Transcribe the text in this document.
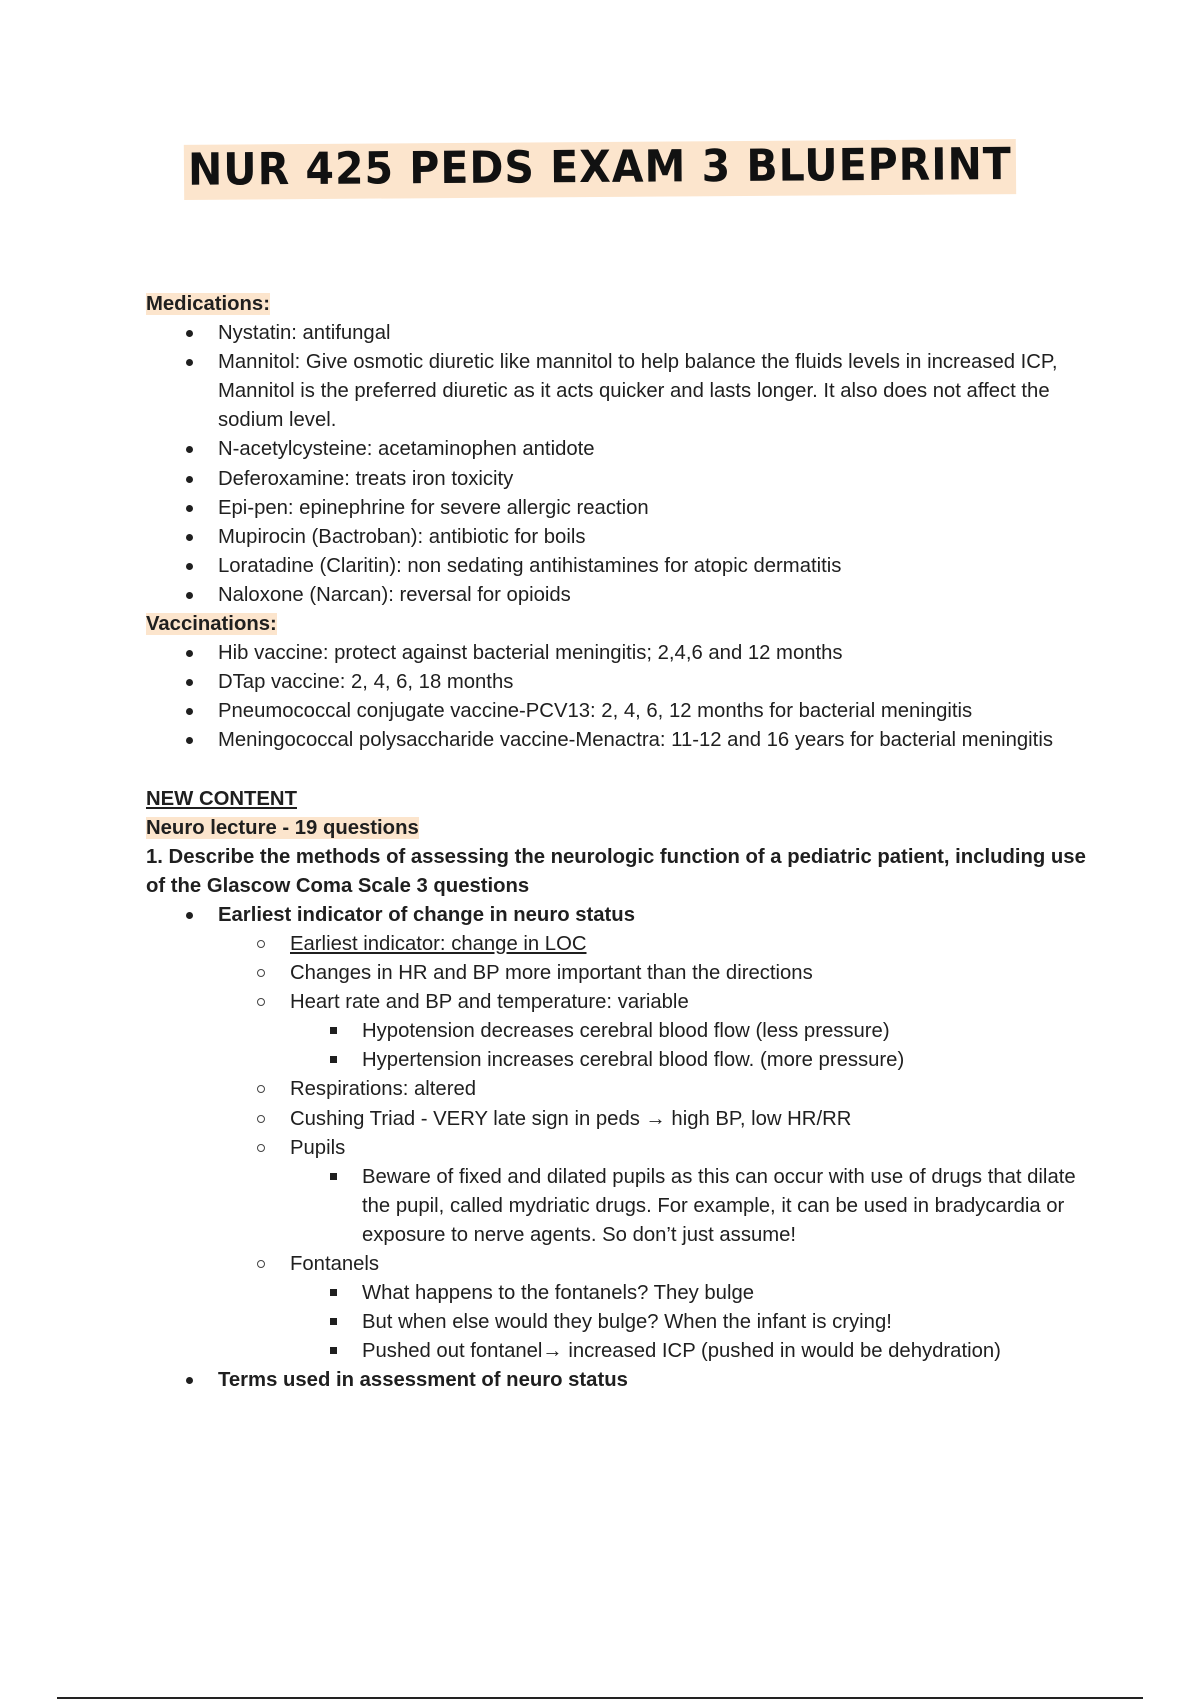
NUR 425 PEDS EXAM 3 BLUEPRINT
Medications:
Nystatin: antifungal
Mannitol: Give osmotic diuretic like mannitol to help balance the fluids levels in increased ICP, Mannitol is the preferred diuretic as it acts quicker and lasts longer. It also does not affect the sodium level.
N-acetylcysteine: acetaminophen antidote
Deferoxamine: treats iron toxicity
Epi-pen: epinephrine for severe allergic reaction
Mupirocin (Bactroban): antibiotic for boils
Loratadine (Claritin): non sedating antihistamines for atopic dermatitis
Naloxone (Narcan): reversal for opioids
Vaccinations:
Hib vaccine: protect against bacterial meningitis; 2,4,6 and 12 months
DTap vaccine: 2, 4, 6, 18 months
Pneumococcal conjugate vaccine-PCV13: 2, 4, 6, 12 months for bacterial meningitis
Meningococcal polysaccharide vaccine-Menactra: 11-12 and 16 years for bacterial meningitis
NEW CONTENT
Neuro lecture - 19 questions
1. Describe the methods of assessing the neurologic function of a pediatric patient, including use of the Glascow Coma Scale 3 questions
Earliest indicator of change in neuro status
Earliest indicator: change in LOC
Changes in HR and BP more important than the directions
Heart rate and BP and temperature: variable
Hypotension decreases cerebral blood flow (less pressure)
Hypertension increases cerebral blood flow. (more pressure)
Respirations: altered
Cushing Triad - VERY late sign in peds → high BP, low HR/RR
Pupils
Beware of fixed and dilated pupils as this can occur with use of drugs that dilate the pupil, called mydriatic drugs. For example, it can be used in bradycardia or exposure to nerve agents. So don’t just assume!
Fontanels
What happens to the fontanels? They bulge
But when else would they bulge? When the infant is crying!
Pushed out fontanel→ increased ICP (pushed in would be dehydration)
Terms used in assessment of neuro status
